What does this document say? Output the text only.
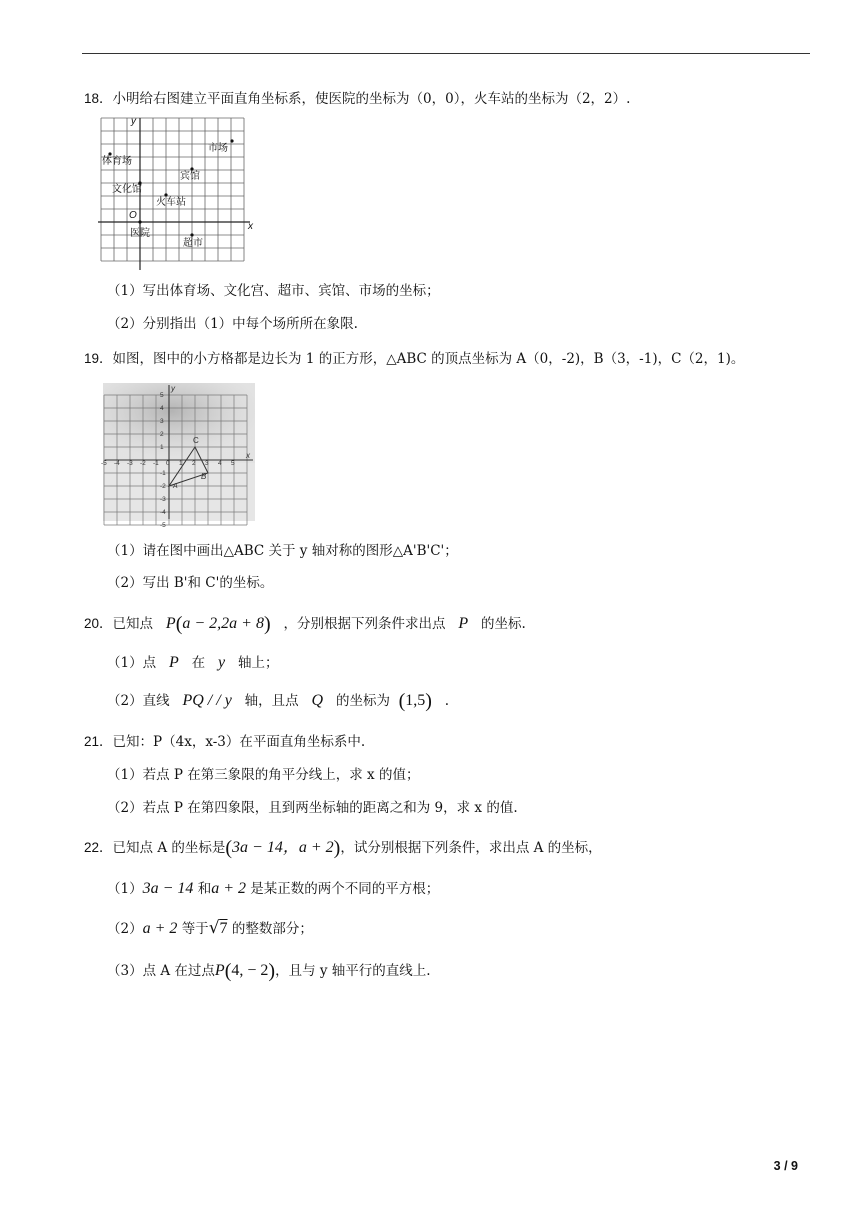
18．小明给右图建立平面直角坐标系，使医院的坐标为（0，0），火车站的坐标为（2，2）.
y
x
O
体育场
文化馆
宾馆
火车站
医院
超市
市场
（1）写出体育场、文化宫、超市、宾馆、市场的坐标；
（2）分别指出（1）中每个场所所在象限.
19．如图，图中的小方格都是边长为 1 的正方形，△ABC 的顶点坐标为 A（0，-2)，B（3，-1)，C（2，1)。
y
x
-5 -4 -3 -2 -1 0 1 2 3 4 5
5
4
3
2
1
-1
-2
-3
-4
-5
C
B
A
（1）请在图中画出△ABC 关于 y 轴对称的图形△A'B'C'；
（2）写出 B'和 C'的坐标。
20．已知点 P(a − 2,2a + 8) ，分别根据下列条件求出点 P 的坐标.
（1）点 P 在 y 轴上；
（2）直线 PQ / / y 轴，且点 Q 的坐标为 (1,5) .
21．已知：P（4x，x-3）在平面直角坐标系中.
（1）若点 P 在第三象限的角平分线上，求 x 的值；
（2）若点 P 在第四象限，且到两坐标轴的距离之和为 9，求 x 的值.
22．已知点 A 的坐标是(3a − 14，a + 2)，试分别根据下列条件，求出点 A 的坐标，
（1）3a − 14 和a + 2 是某正数的两个不同的平方根；
（2）a + 2 等于√7 的整数部分；
（3）点 A 在过点P(4, − 2)，且与 y 轴平行的直线上.
3 / 9
